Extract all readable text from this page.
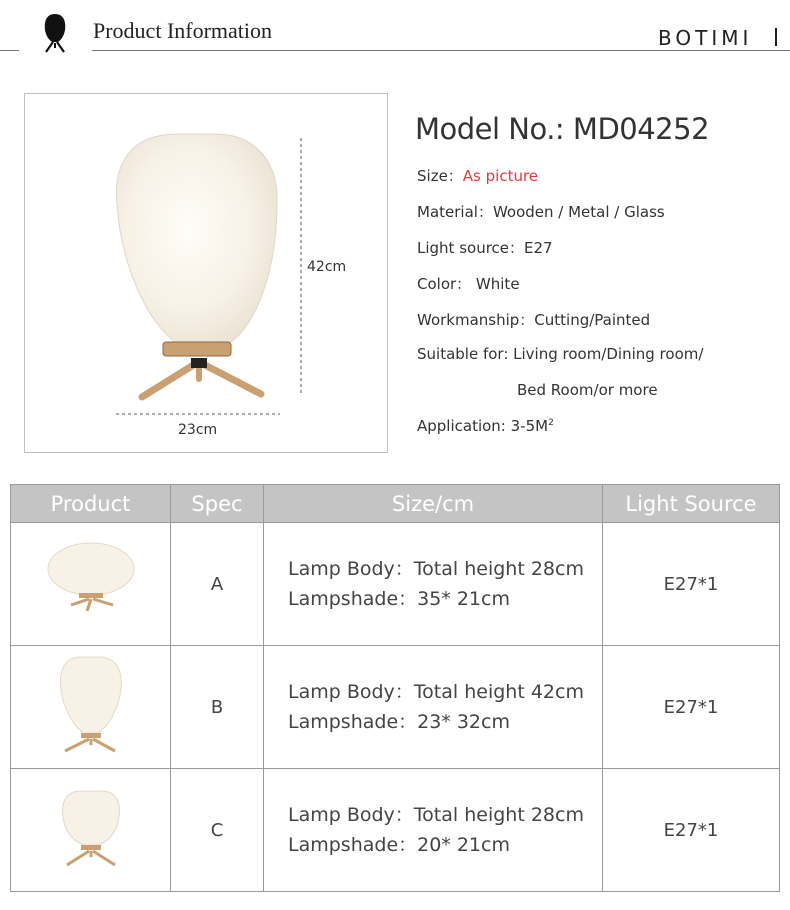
Product Information	BOTIMI
42cm
23cm
Model No.: MD04252
Size：As picture
Material：Wooden / Metal / Glass
Light source：E27
Color： White
Workmanship：Cutting/Painted
Suitable for: Living room/Dining room/
Bed Room/or more
Application: $3-5M^2$
Product	Spec	Size/cm	Light Source

	A	Lamp Body：Total height 28cm
Lampshade：35* 21cm	E27*1

	B	Lamp Body：Total height 42cm
Lampshade：23* 32cm	E27*1

	C	Lamp Body：Total height 28cm
Lampshade：20* 21cm	E27*1
